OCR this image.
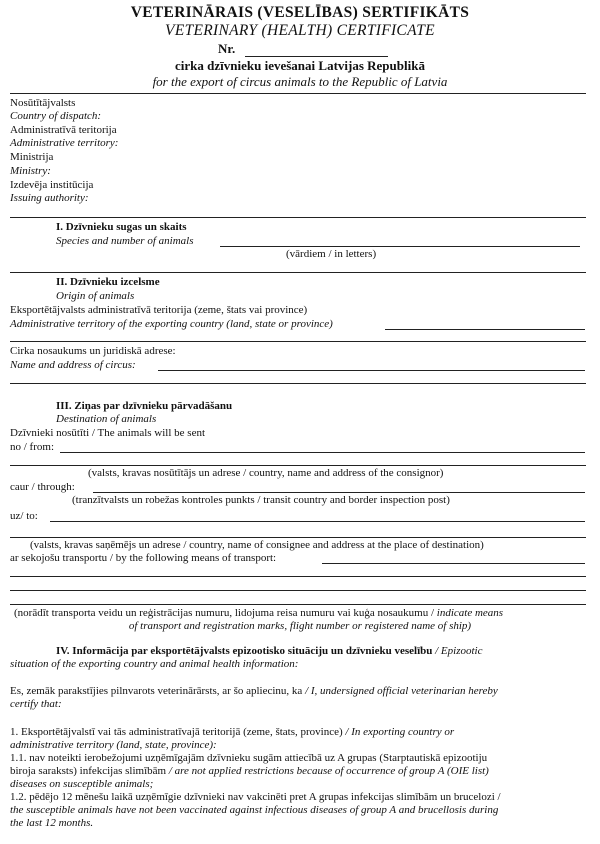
VETERINĀRAIS (VESELĪBAS) SERTIFIKĀTS
VETERINARY (HEALTH) CERTIFICATE
Nr.
cirka dzīvnieku ievešanai Latvijas Republikā
for the export of circus animals to the Republic of Latvia
Nosūtītājvalsts
Country of dispatch:
Administratīvā teritorija
Administrative territory:
Ministrija
Ministry:
Izdevēja institūcija
Issuing authority:
I. Dzīvnieku sugas un skaits
Species and number of animals
(vārdiem / in letters)
II. Dzīvnieku izcelsme
Origin of animals
Eksportētājvalsts administratīvā teritorija (zeme, štats vai province)
Administrative territory of the exporting country (land, state or province)
Cirka nosaukums un juridiskā adrese:
Name and address of circus:
III. Ziņas par dzīvnieku pārvadāšanu
Destination of animals
Dzīvnieki nosūtīti / The animals will be sent
no / from:
(valsts, kravas nosūtītājs un adrese / country, name and address of the consignor)
caur / through:
(tranzītvalsts un robežas kontroles punkts / transit country and border inspection post)
uz/ to:
(valsts, kravas saņēmējs un adrese / country, name of consignee and address at the place of destination)
ar sekojošu transportu / by the following means of transport:
(norādīt transporta veidu un reģistrācijas numuru, lidojuma reisa numuru vai kuģa nosaukumu / indicate means
of transport and registration marks, flight number or registered name of ship)
IV. Informācija par eksportētājvalsts epizootisko situāciju un dzīvnieku veselību / Epizootic
situation of the exporting country and animal health information:
Es, zemāk parakstījies pilnvarots veterinārārsts, ar šo apliecinu, ka / I, undersigned official veterinarian hereby
certify that:
1. Eksportētājvalstī vai tās administratīvajā teritorijā (zeme, štats, province) / In exporting country or
administrative territory (land, state, province):
1.1. nav noteikti ierobežojumi uzņēmīgajām dzīvnieku sugām attiecībā uz A grupas (Starptautiskā epizootiju
biroja saraksts) infekcijas slimībām / are not applied restrictions because of occurrence of group A (OIE list)
diseases on susceptible animals;
1.2. pēdējo 12 mēnešu laikā uzņēmīgie dzīvnieki nav vakcinēti pret A grupas infekcijas slimībām un brucelozi /
the susceptible animals have not been vaccinated against infectious diseases of group A and brucellosis during
the last 12 months.
